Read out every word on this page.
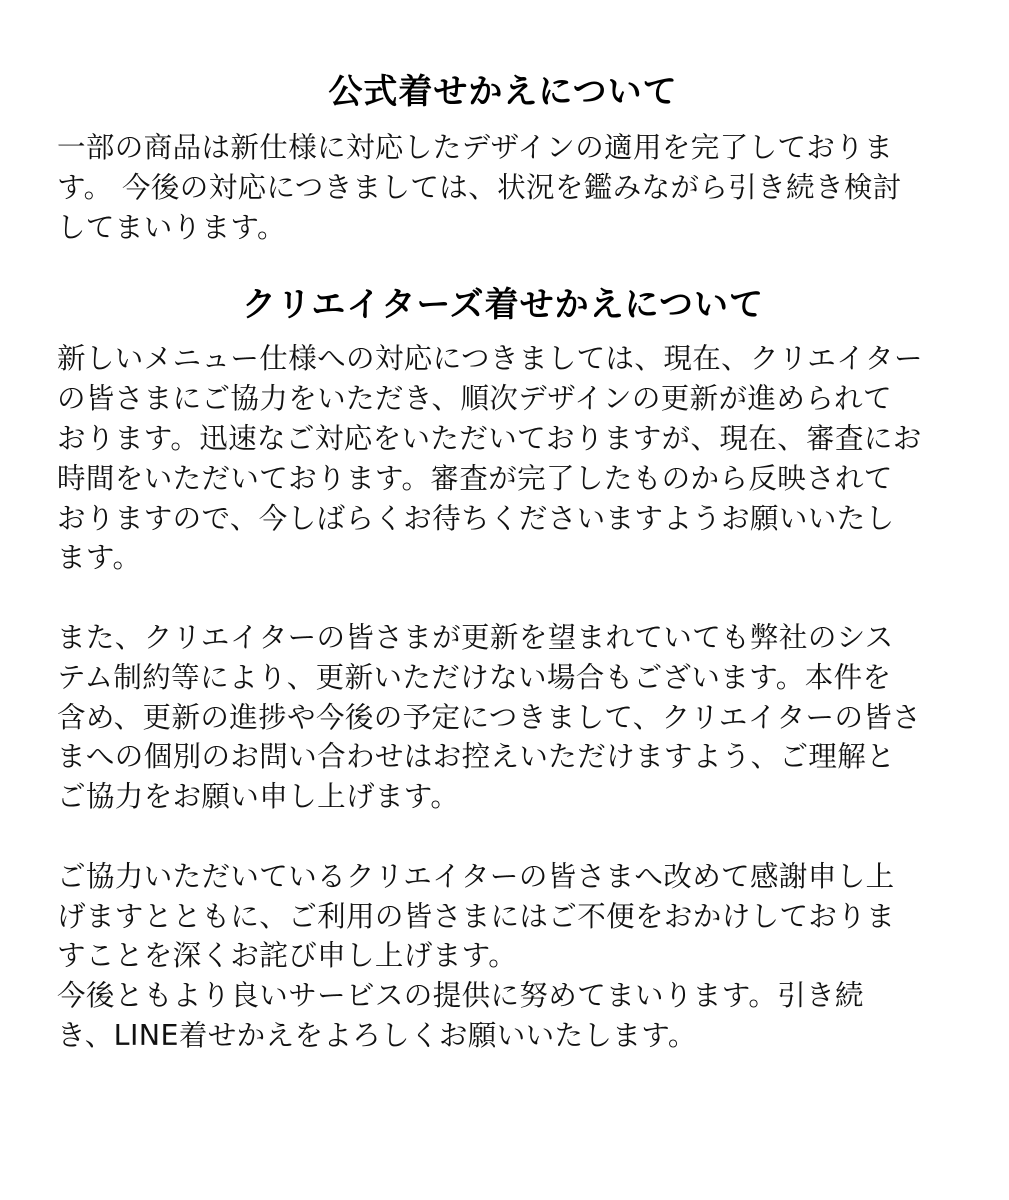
公式着せかえについて

一部の商品は新仕様に対応したデザインの適用を完了しておりま
す。 今後の対応につきましては、状況を鑑みながら引き続き検討
してまいります。

クリエイターズ着せかえについて

新しいメニュー仕様への対応につきましては、現在、クリエイター
の皆さまにご協力をいただき、順次デザインの更新が進められて
おります。迅速なご対応をいただいておりますが、現在、審査にお
時間をいただいております。審査が完了したものから反映されて
おりますので、今しばらくお待ちくださいますようお願いいたし
ます。
また、クリエイターの皆さまが更新を望まれていても弊社のシス
テム制約等により、更新いただけない場合もございます。本件を
含め、更新の進捗や今後の予定につきまして、クリエイターの皆さ
まへの個別のお問い合わせはお控えいただけますよう、ご理解と
ご協力をお願い申し上げます。
ご協力いただいているクリエイターの皆さまへ改めて感謝申し上
げますとともに、ご利用の皆さまにはご不便をおかけしておりま
すことを深くお詫び申し上げます。
今後ともより良いサービスの提供に努めてまいります。引き続
き、LINE着せかえをよろしくお願いいたします。
